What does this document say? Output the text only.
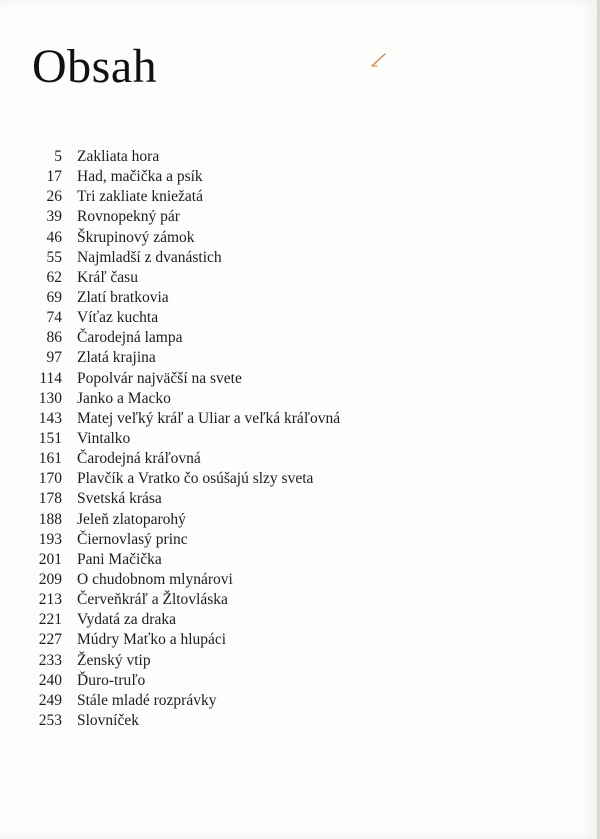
Obsah
5 Zakliata hora
17 Had, mačička a psík
26 Tri zakliate kniežatá
39 Rovnopekný pár
46 Škrupinový zámok
55 Najmladší z dvanástich
62 Kráľ času
69 Zlatí bratkovia
74 Víťaz kuchta
86 Čarodejná lampa
97 Zlatá krajina
114 Popolvár najväčší na svete
130 Janko a Macko
143 Matej veľký kráľ a Uliar a veľká kráľovná
151 Vintalko
161 Čarodejná kráľovná
170 Plavčík a Vratko čo osúšajú slzy sveta
178 Svetská krása
188 Jeleň zlatoparohý
193 Čiernovlasý princ
201 Pani Mačička
209 O chudobnom mlynárovi
213 Červeňkráľ a Žltovláska
221 Vydatá za draka
227 Múdry Maťko a hlupáci
233 Ženský vtip
240 Ďuro-truľo
249 Stále mladé rozprávky
253 Slovníček
